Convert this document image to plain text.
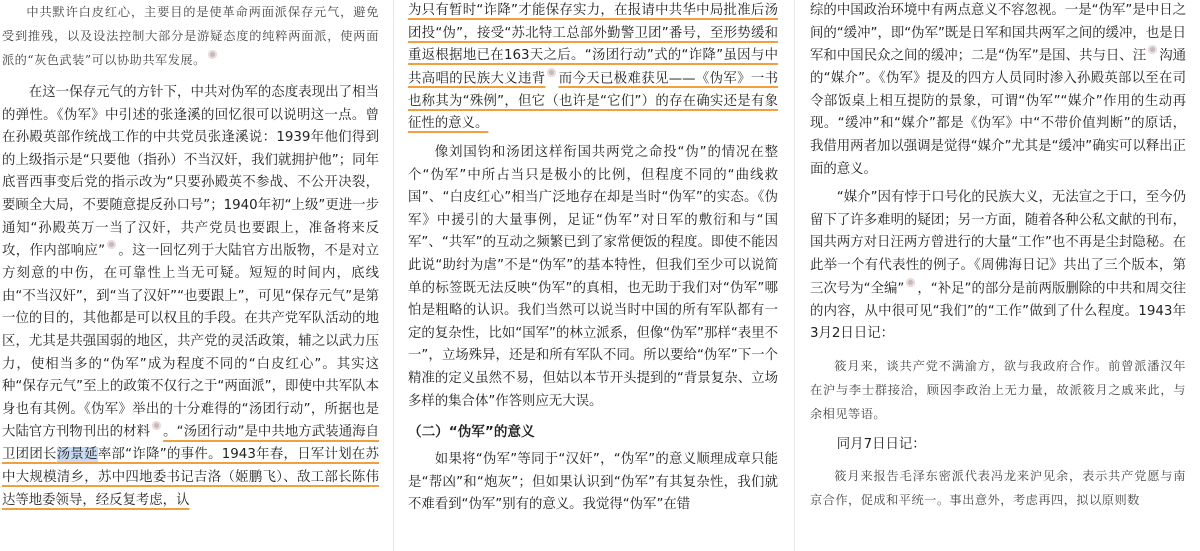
中共默许白皮红心，主要目的是使革命两面派保存元气，避免受到推残，以及设法控制大部分是游疑态度的纯粹两面派，使两面派的“灰色武装”可以协助共军发展。

在这一保存元气的方针下，中共对伪军的态度表现出了相当的弹性。《伪军》中引述的张逢溪的回忆很可以说明这一点。曾在孙殿英部作统战工作的中共党员张逢溪说：1939年他们得到的上级指示是“只要他（指孙）不当汉奸，我们就拥护他”；同年底晋西事变后党的指示改为“只要孙殿英不参战、不公开决裂，要顾全大局，不要随意提反孙口号”；1940年初“上级”更进一步通知“孙殿英万一当了汉奸，共产党员也要跟上，准备将来反攻，作内部响应” 。这一回忆列于大陆官方出版物，不是对立方刻意的中伤，在可靠性上当无可疑。短短的时间内，底线由“不当汉奸”，到“当了汉奸”“也要跟上”，可见“保存元气”是第一位的目的，其他都是可以权且的手段。在共产党军队活动的地区，尤其是共强国弱的地区，共产党的灵活政策，辅之以武力压力，使相当多的“伪军”成为程度不同的“白皮红心”。其实这种“保存元气”至上的政策不仅行之于“两面派”，即使中共军队本身也有其例。《伪军》举出的十分难得的“汤团行动”，所据也是大陆官方刊物刊出的材料 。“汤团行动”是中共地方武装通海自卫团团长汤景延率部“诈降”的事件。1943年春，日军计划在苏中大规模清乡，苏中四地委书记吉洛（姬鹏飞）、敌工部长陈伟达等地委领导，经反复考虑，认

为只有暂时“诈降”才能保存实力，在报请中共华中局批准后汤团投“伪”，接受“苏北特工总部外勤警卫团”番号，至形势缓和重返根据地已在163天之后。“汤团行动”式的“诈降”虽因与中共高唱的民族大义违背 而今天已极难获见——《伪军》一书也称其为“殊例”，但它（也许是“它们”）的存在确实还是有象征性的意义。

像刘国钧和汤团这样衔国共两党之命投“伪”的情况在整个“伪军”中所占当只是极小的比例，但程度不同的“曲线救国”、“白皮红心”相当广泛地存在却是当时“伪军”的实态。《伪军》中援引的大量事例，足证“伪军”对日军的敷衍和与“国军”、“共军”的互动之频繁已到了家常便饭的程度。即使不能因此说“助纣为虐”不是“伪军”的基本特性，但我们至少可以说简单的标签既无法反映“伪军”的真相，也无助于我们对“伪军”哪怕是粗略的认识。我们当然可以说当时中国的所有军队都有一定的复杂性，比如“国军”的林立派系，但像“伪军”那样“表里不一”，立场殊异，还是和所有军队不同。所以要给“伪军”下一个精准的定义虽然不易，但姑以本节开头提到的“背景复杂、立场多样的集合体”作答则应无大误。

（二）“伪军”的意义

如果将“伪军”等同于“汉奸”，“伪军”的意义顺理成章只能是“帮凶”和“炮灰”；但如果认识到“伪军”有其复杂性，我们就不难看到“伪军”别有的意义。我觉得“伪军”在错

综的中国政治环境中有两点意义不容忽视。一是“伪军”是中日之间的“缓冲”，即“伪军”既是日军和国共两军之间的缓冲，也是日军和中国民众之间的缓冲；二是“伪军”是国、共与日、汪 沟通的“媒介”。《伪军》提及的四方人员同时渗入孙殿英部以至在司令部饭桌上相互提防的景象，可谓“伪军”“媒介”作用的生动再现。“缓冲”和“媒介”都是《伪军》中“不带价值判断”的原话，我借用两者加以强调是觉得“媒介”尤其是“缓冲”确实可以释出正面的意义。

“媒介”因有悖于口号化的民族大义，无法宣之于口，至今仍留下了许多难明的疑团；另一方面，随着各种公私文献的刊布，国共两方对日汪两方曾进行的大量“工作”也不再是尘封隐秘。在此举一个有代表性的例子。《周佛海日记》共出了三个版本，第三次号为“全编” ，“补足”的部分是前两版删除的中共和周交往的内容，从中很可见“我们”的“工作”做到了什么程度。1943年3月2日日记：

筱月来，谈共产党不满渝方，欲与我政府合作。前曾派潘汉年在沪与李士群接洽，顾因李政治上无力量，故派筱月之戚来此，与余相见等语。

同月7日日记：

筱月来报告毛泽东密派代表冯龙来沪见余，表示共产党愿与南京合作，促成和平统一。事出意外，考虑再四，拟以原则数
